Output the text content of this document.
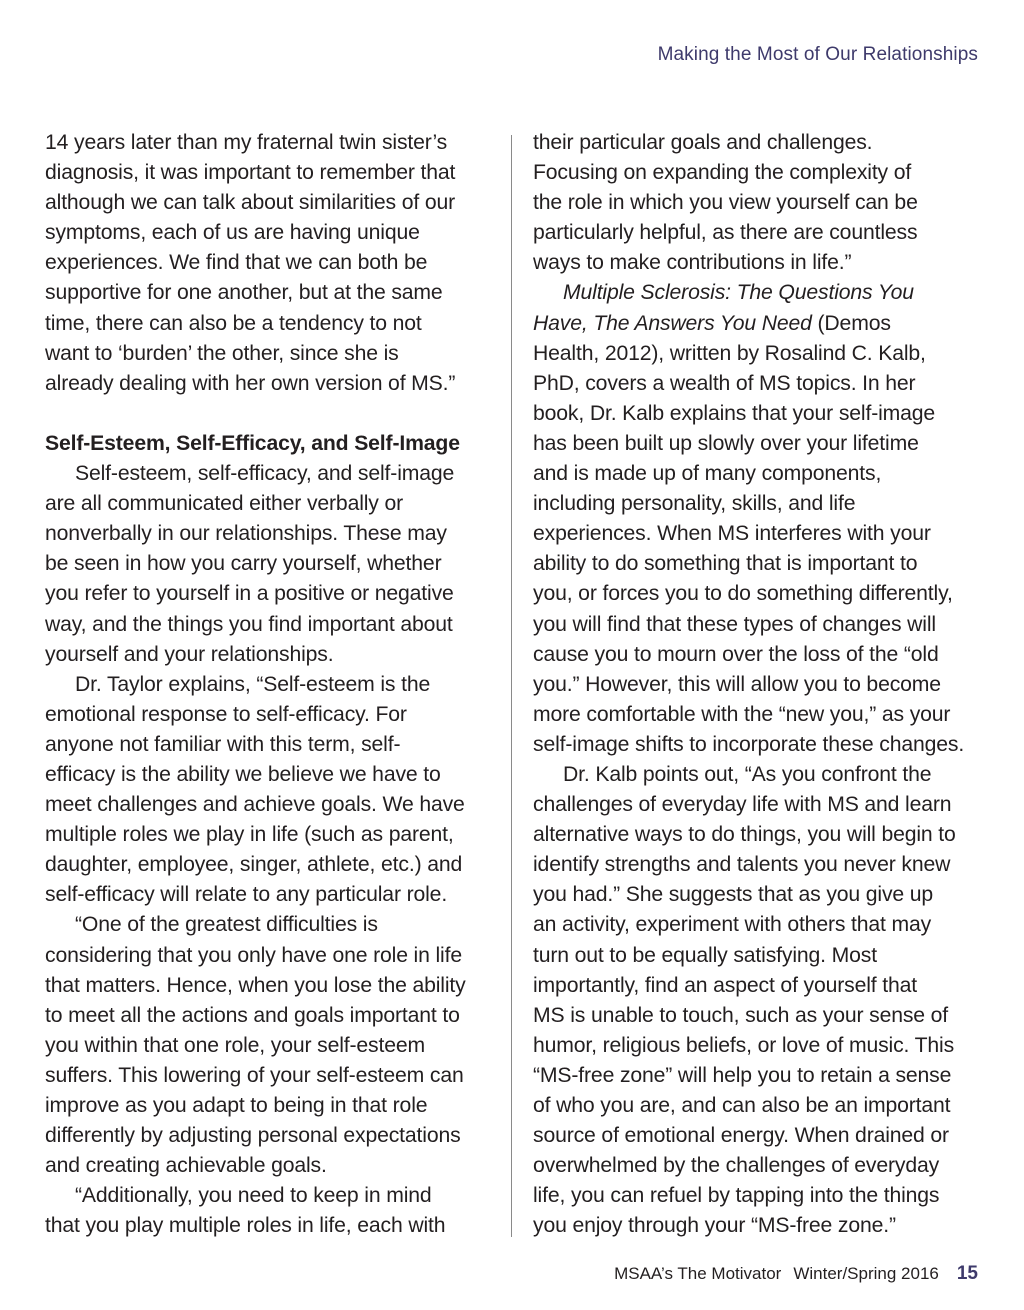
Making the Most of Our Relationships
14 years later than my fraternal twin sister’s
diagnosis, it was important to remember that
although we can talk about similarities of our
symptoms, each of us are having unique
experiences. We find that we can both be
supportive for one another, but at the same
time, there can also be a tendency to not
want to ‘burden’ the other, since she is
already dealing with her own version of MS.”
Self-Esteem, Self-Efficacy, and Self-Image
Self-esteem, self-efficacy, and self-image
are all communicated either verbally or
nonverbally in our relationships. These may
be seen in how you carry yourself, whether
you refer to yourself in a positive or negative
way, and the things you find important about
yourself and your relationships.
Dr. Taylor explains, “Self-esteem is the
emotional response to self-efficacy. For
anyone not familiar with this term, self-
efficacy is the ability we believe we have to
meet challenges and achieve goals. We have
multiple roles we play in life (such as parent,
daughter, employee, singer, athlete, etc.) and
self-efficacy will relate to any particular role.
“One of the greatest difficulties is
considering that you only have one role in life
that matters. Hence, when you lose the ability
to meet all the actions and goals important to
you within that one role, your self-esteem
suffers. This lowering of your self-esteem can
improve as you adapt to being in that role
differently by adjusting personal expectations
and creating achievable goals.
“Additionally, you need to keep in mind
that you play multiple roles in life, each with
their particular goals and challenges.
Focusing on expanding the complexity of
the role in which you view yourself can be
particularly helpful, as there are countless
ways to make contributions in life.”
Multiple Sclerosis: The Questions You
Have, The Answers You Need (Demos
Health, 2012), written by Rosalind C. Kalb,
PhD, covers a wealth of MS topics. In her
book, Dr. Kalb explains that your self-image
has been built up slowly over your lifetime
and is made up of many components,
including personality, skills, and life
experiences. When MS interferes with your
ability to do something that is important to
you, or forces you to do something differently,
you will find that these types of changes will
cause you to mourn over the loss of the “old
you.” However, this will allow you to become
more comfortable with the “new you,” as your
self-image shifts to incorporate these changes.
Dr. Kalb points out, “As you confront the
challenges of everyday life with MS and learn
alternative ways to do things, you will begin to
identify strengths and talents you never knew
you had.” She suggests that as you give up
an activity, experiment with others that may
turn out to be equally satisfying. Most
importantly, find an aspect of yourself that
MS is unable to touch, such as your sense of
humor, religious beliefs, or love of music. This
“MS-free zone” will help you to retain a sense
of who you are, and can also be an important
source of emotional energy. When drained or
overwhelmed by the challenges of everyday
life, you can refuel by tapping into the things
you enjoy through your “MS-free zone.”
MSAA’s The Motivator Winter/Spring 2016 15
